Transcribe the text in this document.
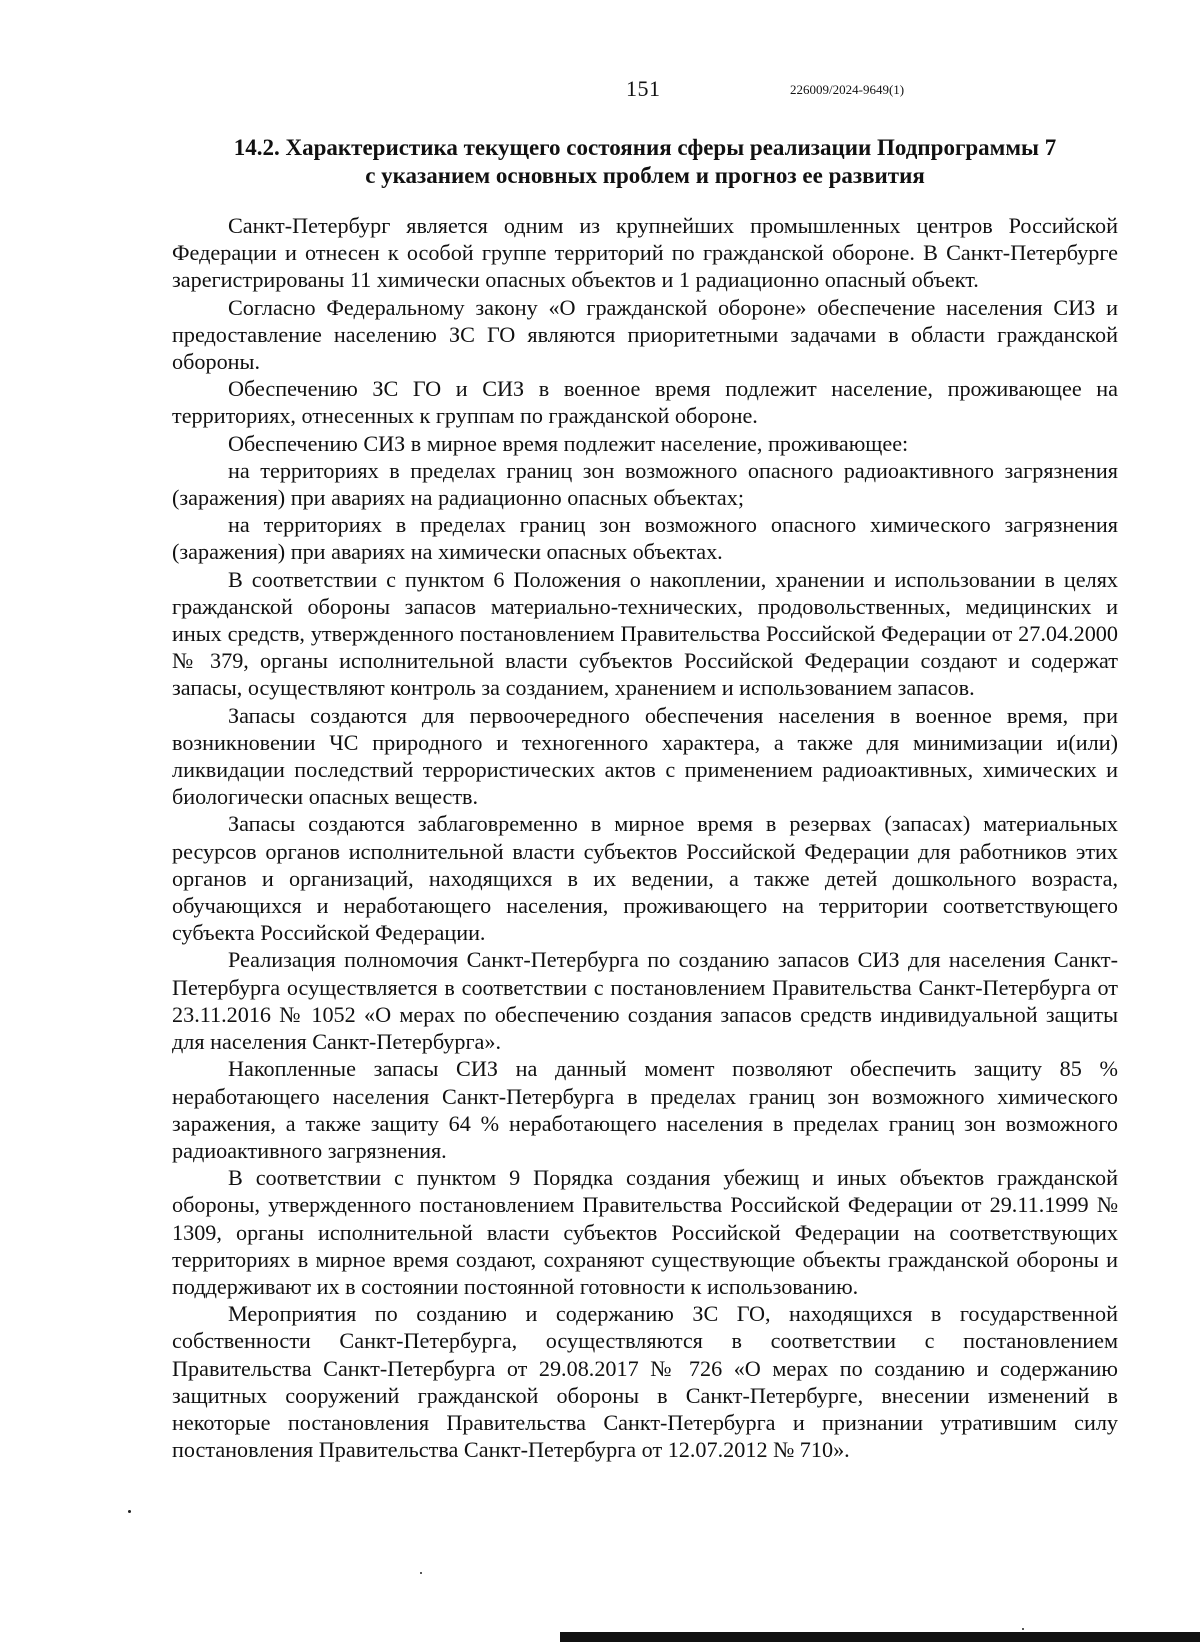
151	226009/2024-9649(1)
14.2. Характеристика текущего состояния сферы реализации Подпрограммы 7
с указанием основных проблем и прогноз ее развития

Санкт-Петербург является одним из крупнейших промышленных центров Российской Федерации и отнесен к особой группе территорий по гражданской обороне. В Санкт-Петербурге зарегистрированы 11 химически опасных объектов и 1 радиационно опасный объект.

Согласно Федеральному закону «О гражданской обороне» обеспечение населения СИЗ и предоставление населению ЗС ГО являются приоритетными задачами в области гражданской обороны.

Обеспечению ЗС ГО и СИЗ в военное время подлежит население, проживающее на территориях, отнесенных к группам по гражданской обороне.

Обеспечению СИЗ в мирное время подлежит население, проживающее:

на территориях в пределах границ зон возможного опасного радиоактивного загрязнения (заражения) при авариях на радиационно опасных объектах;

на территориях в пределах границ зон возможного опасного химического загрязнения (заражения) при авариях на химически опасных объектах.

В соответствии с пунктом 6 Положения о накоплении, хранении и использовании в целях гражданской обороны запасов материально-технических, продовольственных, медицинских и иных средств, утвержденного постановлением Правительства Российской Федерации от 27.04.2000 № 379, органы исполнительной власти субъектов Российской Федерации создают и содержат запасы, осуществляют контроль за созданием, хранением и использованием запасов.

Запасы создаются для первоочередного обеспечения населения в военное время, при возникновении ЧС природного и техногенного характера, а также для минимизации и(или) ликвидации последствий террористических актов с применением радиоактивных, химических и биологически опасных веществ.

Запасы создаются заблаговременно в мирное время в резервах (запасах) материальных ресурсов органов исполнительной власти субъектов Российской Федерации для работников этих органов и организаций, находящихся в их ведении, а также детей дошкольного возраста, обучающихся и неработающего населения, проживающего на территории соответствующего субъекта Российской Федерации.

Реализация полномочия Санкт-Петербурга по созданию запасов СИЗ для населения Санкт-Петербурга осуществляется в соответствии с постановлением Правительства Санкт-Петербурга от 23.11.2016 № 1052 «О мерах по обеспечению создания запасов средств индивидуальной защиты для населения Санкт-Петербурга».

Накопленные запасы СИЗ на данный момент позволяют обеспечить защиту 85 % неработающего населения Санкт-Петербурга в пределах границ зон возможного химического заражения, а также защиту 64 % неработающего населения в пределах границ зон возможного радиоактивного загрязнения.

В соответствии с пунктом 9 Порядка создания убежищ и иных объектов гражданской обороны, утвержденного постановлением Правительства Российской Федерации от 29.11.1999 № 1309, органы исполнительной власти субъектов Российской Федерации на соответствующих территориях в мирное время создают, сохраняют существующие объекты гражданской обороны и поддерживают их в состоянии постоянной готовности к использованию.

Мероприятия по созданию и содержанию ЗС ГО, находящихся в государственной собственности Санкт-Петербурга, осуществляются в соответствии с постановлением Правительства Санкт-Петербурга от 29.08.2017 № 726 «О мерах по созданию и содержанию защитных сооружений гражданской обороны в Санкт-Петербурге, внесении изменений в некоторые постановления Правительства Санкт-Петербурга и признании утратившим силу постановления Правительства Санкт-Петербурга от 12.07.2012 № 710».
